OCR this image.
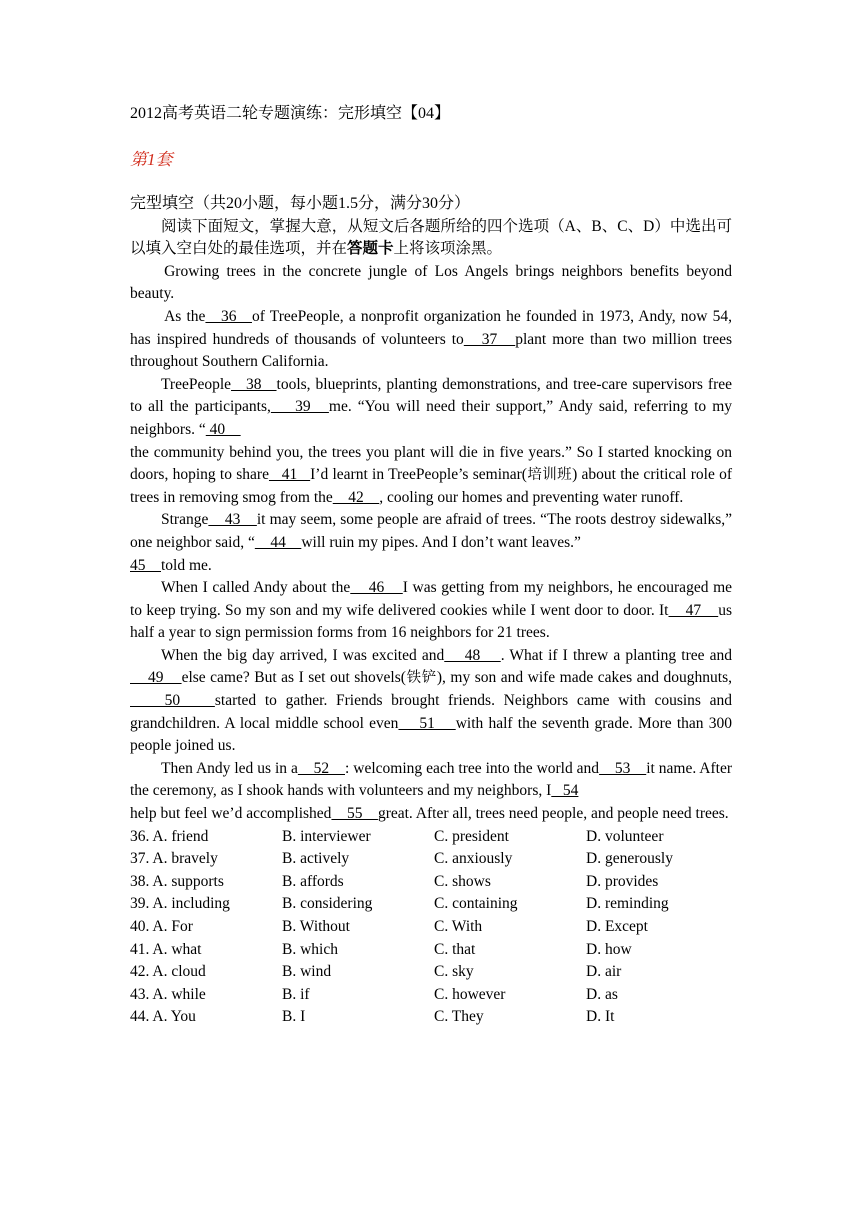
2012高考英语二轮专题演练：完形填空【04】

第1套

完型填空（共20小题，每小题1.5分，满分30分）

阅读下面短文，掌握大意，从短文后各题所给的四个选项（A、B、C、D）中选出可以填入空白处的最佳选项，并在答题卡上将该项涂黑。

Growing trees in the concrete jungle of Los Angels brings neighbors benefits beyond beauty.

As the   36   of TreePeople, a nonprofit organization he founded in 1973, Andy, now 54, has inspired hundreds of thousands of volunteers to   37   plant more than two million trees throughout Southern California.

TreePeople   38   tools, blueprints, planting demonstrations, and tree-care supervisors free to all the participants,    39   me. “You will need their support,” Andy said, referring to my neighbors. “ 40
the community behind you, the trees you plant will die in five years.” So I started knocking on doors, hoping to share   41   I’d learnt in TreePeople’s seminar(培训班) about the critical role of trees in removing smog from the    42    , cooling our homes and preventing water runoff.

Strange    43    it may seem, some people are afraid of trees. “The roots destroy sidewalks,” one neighbor said, “    44    will ruin my pipes. And I don’t want leaves.”
45    told me.

When I called Andy about the    46    I was getting from my neighbors, he encouraged me to keep trying. So my son and my wife delivered cookies while I went door to door. It    47    us half a year to sign permission forms from 16 neighbors for 21 trees.

When the big day arrived, I was excited and    48    . What if I threw a planting tree and    49    else came? But as I set out shovels(铁铲), my son and wife made cakes and doughnuts,    50    started to gather. Friends brought friends. Neighbors came with cousins and grandchildren. A local middle school even    51    with half the seventh grade. More than 300 people joined us.

Then Andy led us in a    52    : welcoming each tree into the world and    53    it name. After the ceremony, as I shook hands with volunteers and my neighbors, I   54
help but feel we’d accomplished    55    great. After all, trees need people, and people need trees.

36. A. friend	B. interviewer	C. president	D. volunteer
37. A. bravely	B. actively	C. anxiously	D. generously
38. A. supports	B. affords	C. shows	D. provides
39. A. including	B. considering	C. containing	D. reminding
40. A. For	B. Without	C. With	D. Except
41. A. what	B. which	C. that	D. how
42. A. cloud	B. wind	C. sky	D. air
43. A. while	B. if	C. however	D. as
44. A. You	B. I	C. They	D. It
